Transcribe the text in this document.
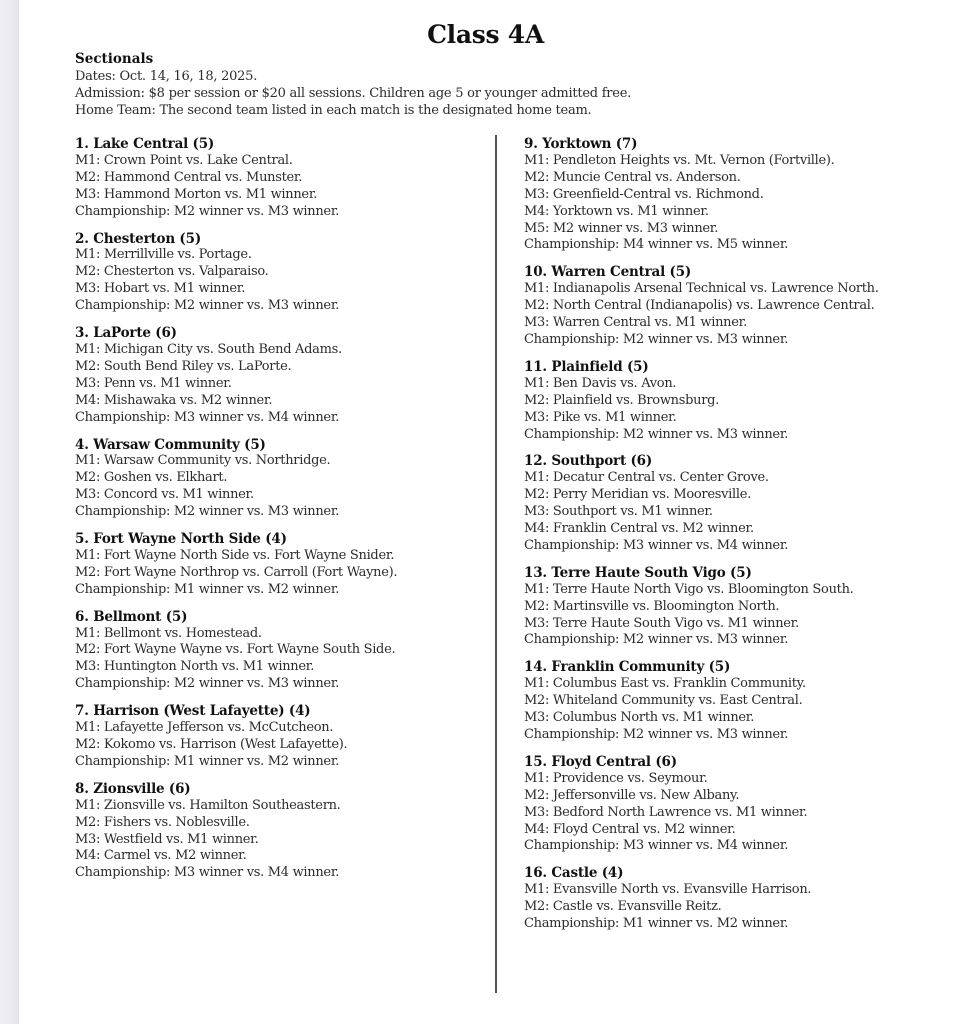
Class 4A
Sectionals
Dates: Oct. 14, 16, 18, 2025.
Admission: $8 per session or $20 all sessions. Children age 5 or younger admitted free.
Home Team: The second team listed in each match is the designated home team.
1. Lake Central (5)
M1: Crown Point vs. Lake Central.
M2: Hammond Central vs. Munster.
M3: Hammond Morton vs. M1 winner.
Championship: M2 winner vs. M3 winner.
2. Chesterton (5)
M1: Merrillville vs. Portage.
M2: Chesterton vs. Valparaiso.
M3: Hobart vs. M1 winner.
Championship: M2 winner vs. M3 winner.
3. LaPorte (6)
M1: Michigan City vs. South Bend Adams.
M2: South Bend Riley vs. LaPorte.
M3: Penn vs. M1 winner.
M4: Mishawaka vs. M2 winner.
Championship: M3 winner vs. M4 winner.
4. Warsaw Community (5)
M1: Warsaw Community vs. Northridge.
M2: Goshen vs. Elkhart.
M3: Concord vs. M1 winner.
Championship: M2 winner vs. M3 winner.
5. Fort Wayne North Side (4)
M1: Fort Wayne North Side vs. Fort Wayne Snider.
M2: Fort Wayne Northrop vs. Carroll (Fort Wayne).
Championship: M1 winner vs. M2 winner.
6. Bellmont (5)
M1: Bellmont vs. Homestead.
M2: Fort Wayne Wayne vs. Fort Wayne South Side.
M3: Huntington North vs. M1 winner.
Championship: M2 winner vs. M3 winner.
7. Harrison (West Lafayette) (4)
M1: Lafayette Jefferson vs. McCutcheon.
M2: Kokomo vs. Harrison (West Lafayette).
Championship: M1 winner vs. M2 winner.
8. Zionsville (6)
M1: Zionsville vs. Hamilton Southeastern.
M2: Fishers vs. Noblesville.
M3: Westfield vs. M1 winner.
M4: Carmel vs. M2 winner.
Championship: M3 winner vs. M4 winner.
9. Yorktown (7)
M1: Pendleton Heights vs. Mt. Vernon (Fortville).
M2: Muncie Central vs. Anderson.
M3: Greenfield-Central vs. Richmond.
M4: Yorktown vs. M1 winner.
M5: M2 winner vs. M3 winner.
Championship: M4 winner vs. M5 winner.
10. Warren Central (5)
M1: Indianapolis Arsenal Technical vs. Lawrence North.
M2: North Central (Indianapolis) vs. Lawrence Central.
M3: Warren Central vs. M1 winner.
Championship: M2 winner vs. M3 winner.
11. Plainfield (5)
M1: Ben Davis vs. Avon.
M2: Plainfield vs. Brownsburg.
M3: Pike vs. M1 winner.
Championship: M2 winner vs. M3 winner.
12. Southport (6)
M1: Decatur Central vs. Center Grove.
M2: Perry Meridian vs. Mooresville.
M3: Southport vs. M1 winner.
M4: Franklin Central vs. M2 winner.
Championship: M3 winner vs. M4 winner.
13. Terre Haute South Vigo (5)
M1: Terre Haute North Vigo vs. Bloomington South.
M2: Martinsville vs. Bloomington North.
M3: Terre Haute South Vigo vs. M1 winner.
Championship: M2 winner vs. M3 winner.
14. Franklin Community (5)
M1: Columbus East vs. Franklin Community.
M2: Whiteland Community vs. East Central.
M3: Columbus North vs. M1 winner.
Championship: M2 winner vs. M3 winner.
15. Floyd Central (6)
M1: Providence vs. Seymour.
M2: Jeffersonville vs. New Albany.
M3: Bedford North Lawrence vs. M1 winner.
M4: Floyd Central vs. M2 winner.
Championship: M3 winner vs. M4 winner.
16. Castle (4)
M1: Evansville North vs. Evansville Harrison.
M2: Castle vs. Evansville Reitz.
Championship: M1 winner vs. M2 winner.
